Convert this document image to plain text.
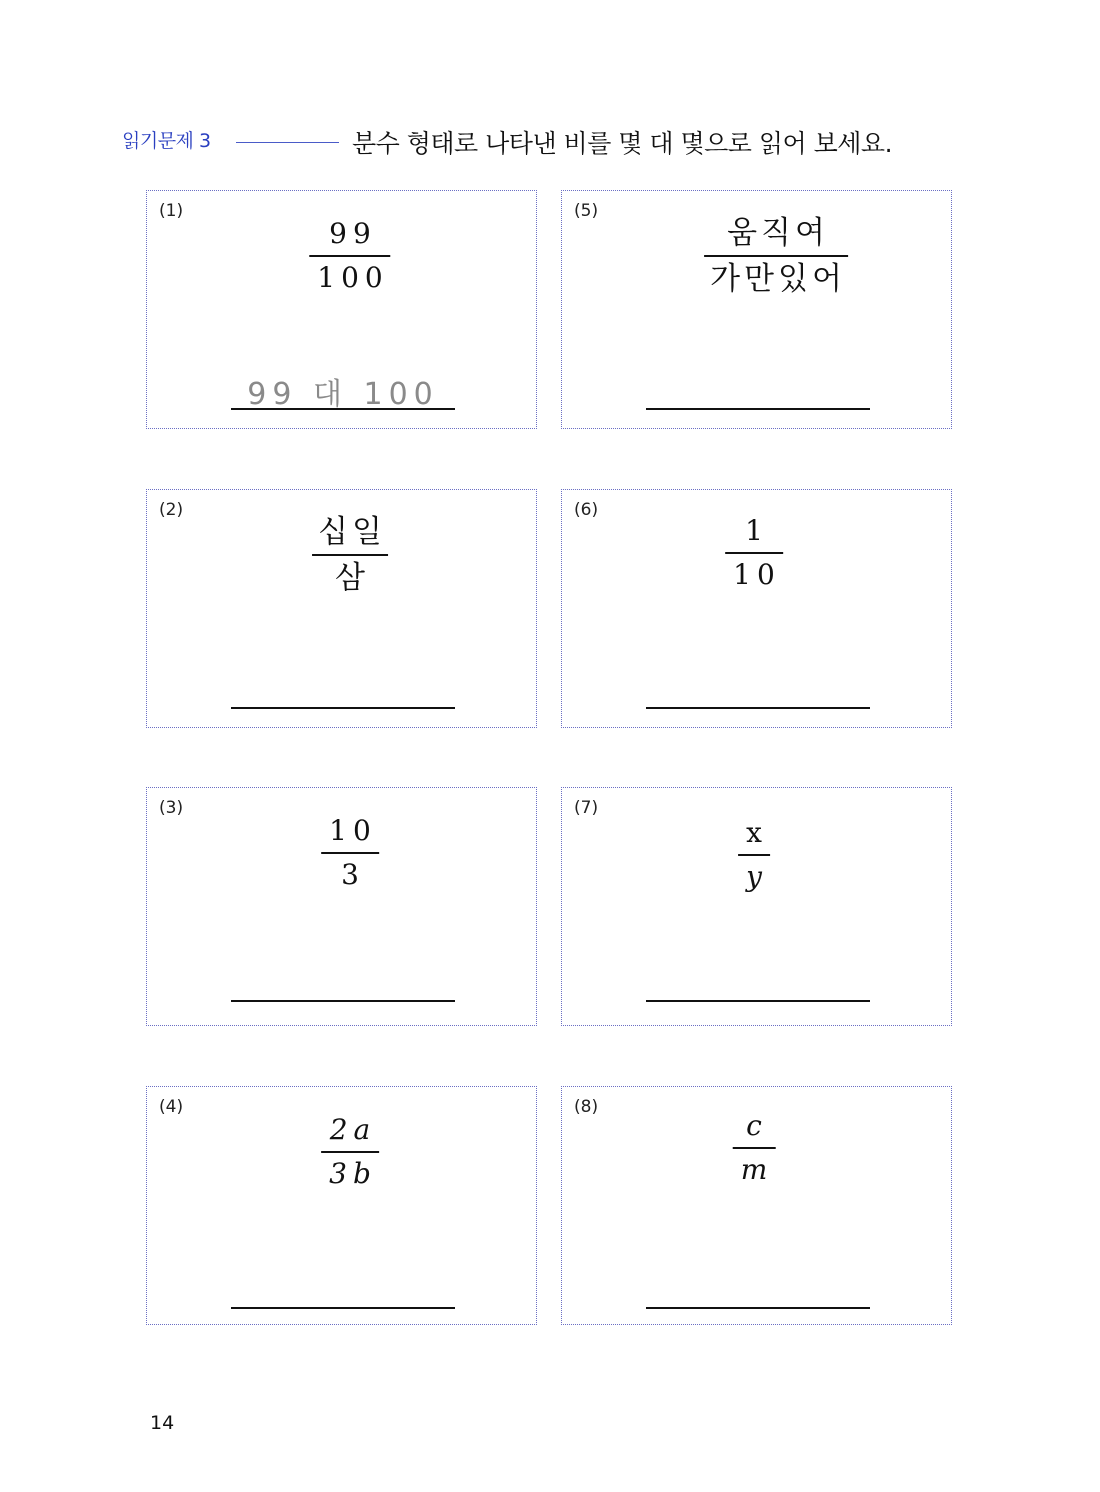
읽기문제 3	분수 형태로 나타낸 비를 몇 대 몇으로 읽어 보세요.
(1)
99
100
99 대 100
(2)
십일
삼
(3)
10
3
(4)
2a
3b
(5)
움직여
가만있어
(6)
1
10
(7)
x
y
(8)
c
m
14
